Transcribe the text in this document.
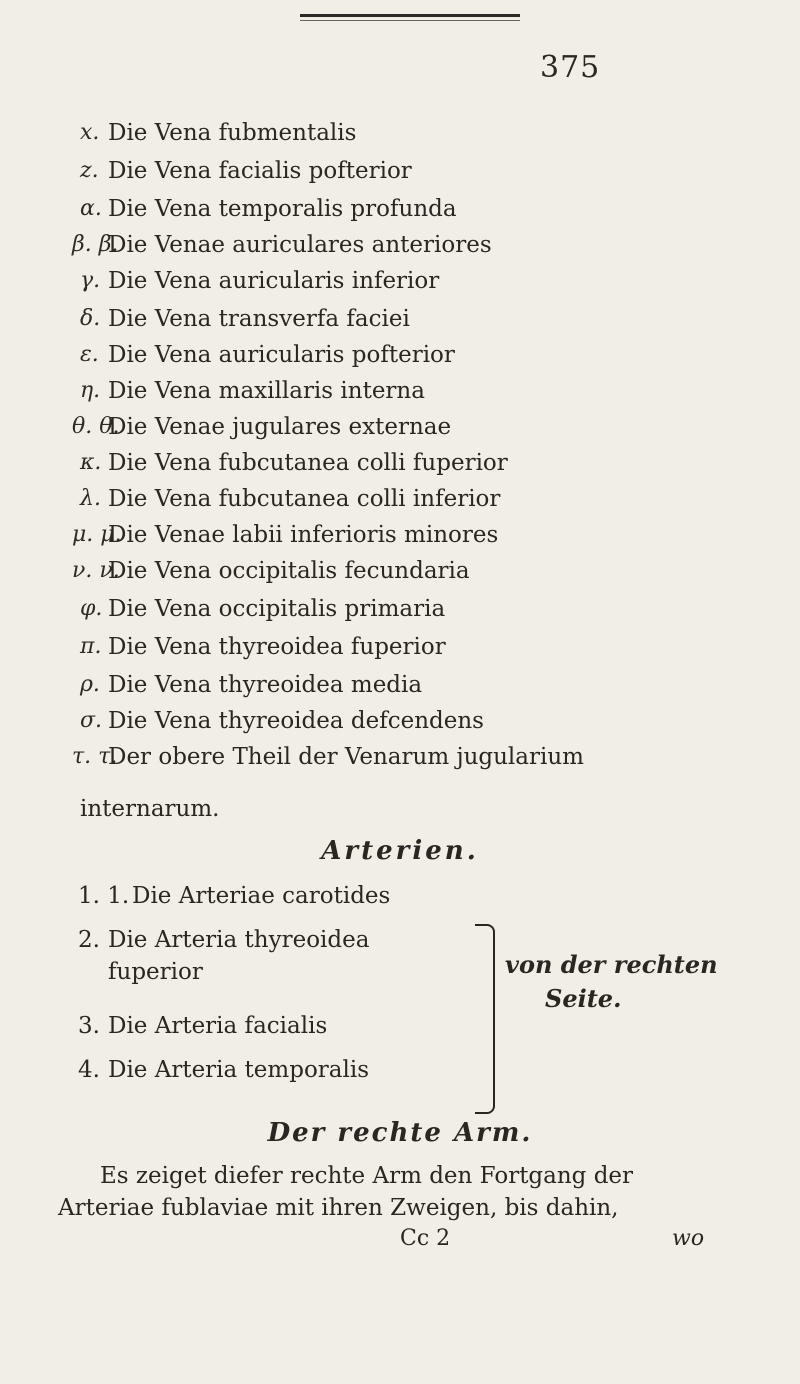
375
x. Die Vena fubmentalis
z. Die Vena facialis pofterior
α. Die Vena temporalis profunda
β. β.
Die Venae auriculares anteriores
γ. Die Vena auricularis inferior
δ. Die Vena transverfa faciei
ε. Die Vena auricularis pofterior
η. Die Vena maxillaris interna
θ. θ.
Die Venae jugulares externae
κ. Die Vena fubcutanea colli fuperior
λ. Die Vena fubcutanea colli inferior
μ. μ.
Die Venae labii inferioris minores
ν. ν.
Die Vena occipitalis fecundaria
φ. Die Vena occipitalis primaria
π. Die Vena thyreoidea fuperior
ρ. Die Vena thyreoidea media
σ. Die Vena thyreoidea defcendens
τ. τ.
Der obere Theil der Venarum jugularium
internarum.
Arterien.
1. 1. Die Arteriae carotides
2. Die Arteria thyreoidea
fuperior
3. Die Arteria facialis
4. Die Arteria temporalis
von der rechten
Seite.
Der rechte Arm.
Es zeiget diefer rechte Arm den Fortgang der
Arteriae fublaviae mit ihren Zweigen, bis dahin,
Cc 2	wo
